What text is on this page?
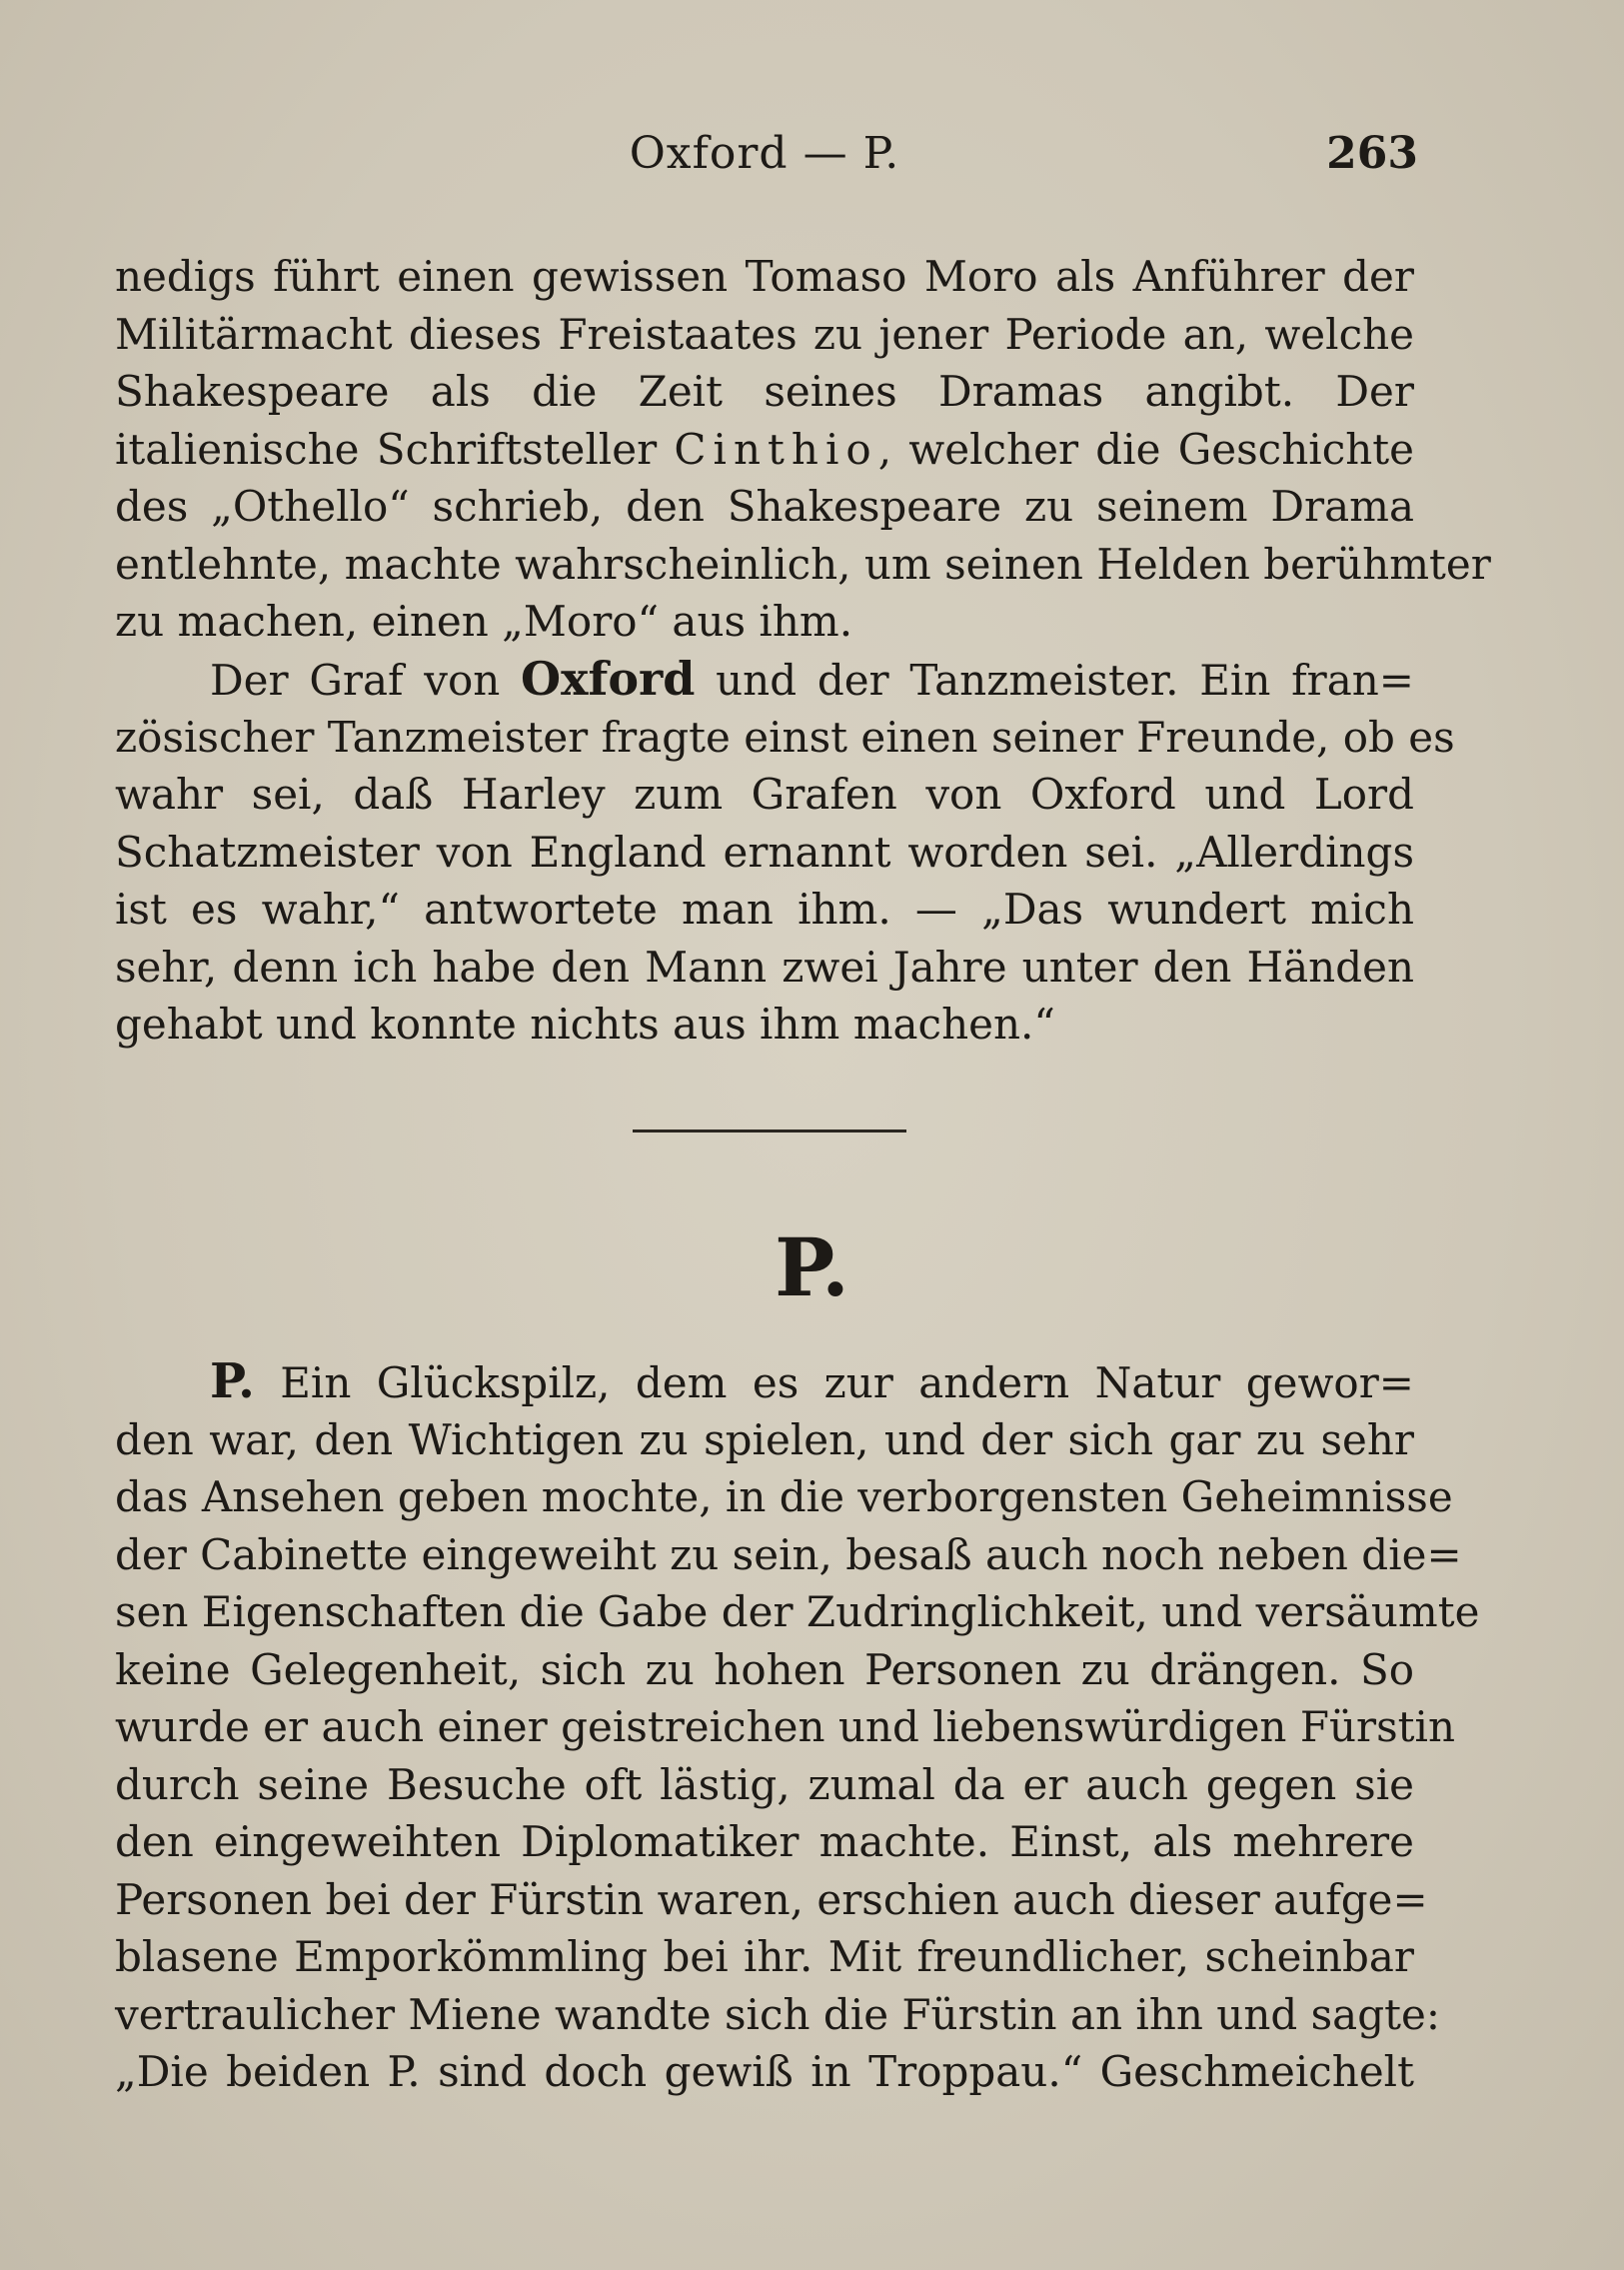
Oxford — P.	263
nedigs führt einen gewissen Tomaso Moro als Anführer der
Militärmacht dieses Freistaates zu jener Periode an, welche
Shakespeare als die Zeit seines Dramas angibt. Der
italienische Schriftsteller Cinthio, welcher die Geschichte
des „Othello“ schrieb, den Shakespeare zu seinem Drama
entlehnte, machte wahrscheinlich, um seinen Helden berühmter
zu machen, einen „Moro“ aus ihm.
Der Graf von Oxford und der Tanzmeister. Ein fran=
zösischer Tanzmeister fragte einst einen seiner Freunde, ob es
wahr sei, daß Harley zum Grafen von Oxford und Lord
Schatzmeister von England ernannt worden sei. „Allerdings
ist es wahr,“ antwortete man ihm. — „Das wundert mich
sehr, denn ich habe den Mann zwei Jahre unter den Händen
gehabt und konnte nichts aus ihm machen.“
P.
P. Ein Glückspilz, dem es zur andern Natur gewor=
den war, den Wichtigen zu spielen, und der sich gar zu sehr
das Ansehen geben mochte, in die verborgensten Geheimnisse
der Cabinette eingeweiht zu sein, besaß auch noch neben die=
sen Eigenschaften die Gabe der Zudringlichkeit, und versäumte
keine Gelegenheit, sich zu hohen Personen zu drängen. So
wurde er auch einer geistreichen und liebenswürdigen Fürstin
durch seine Besuche oft lästig, zumal da er auch gegen sie
den eingeweihten Diplomatiker machte. Einst, als mehrere
Personen bei der Fürstin waren, erschien auch dieser aufge=
blasene Emporkömmling bei ihr. Mit freundlicher, scheinbar
vertraulicher Miene wandte sich die Fürstin an ihn und sagte:
„Die beiden P. sind doch gewiß in Troppau.“ Geschmeichelt
